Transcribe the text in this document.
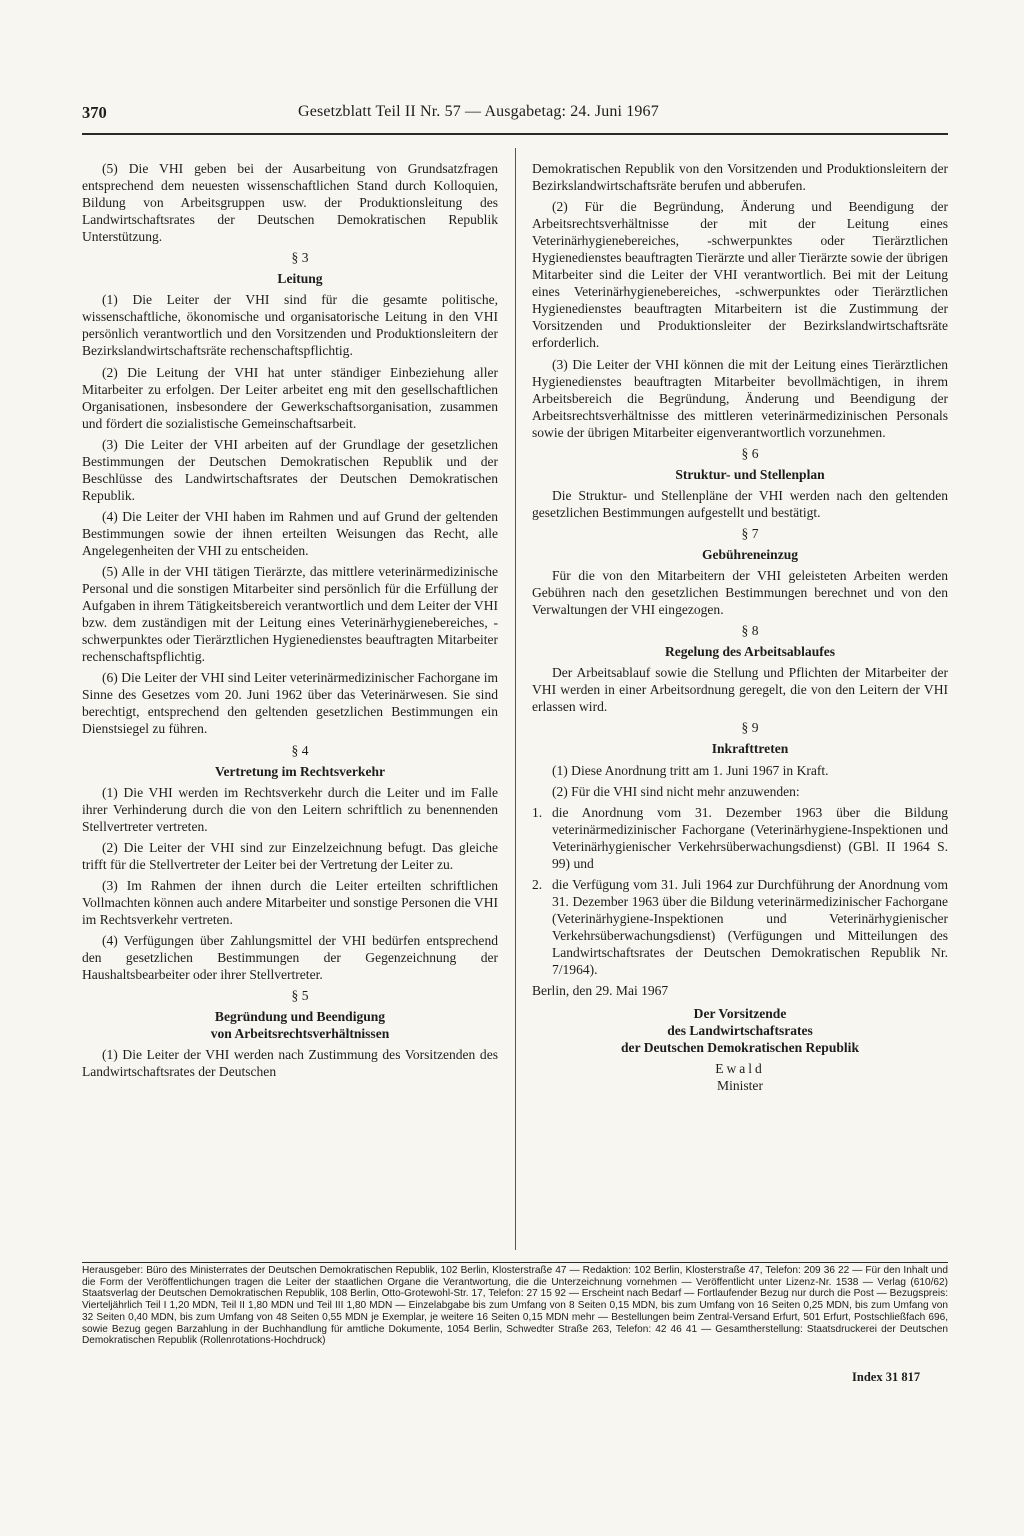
370	Gesetzblatt Teil II Nr. 57 — Ausgabetag: 24. Juni 1967

(5) Die VHI geben bei der Ausarbeitung von Grundsatzfragen entsprechend dem neuesten wissenschaftlichen Stand durch Kolloquien, Bildung von Arbeitsgruppen usw. der Produktionsleitung des Landwirtschaftsrates der Deutschen Demokratischen Republik Unterstützung.

§ 3

Leitung

(1) Die Leiter der VHI sind für die gesamte politische, wissenschaftliche, ökonomische und organisatorische Leitung in den VHI persönlich verantwortlich und den Vorsitzenden und Produktionsleitern der Bezirkslandwirtschaftsräte rechenschaftspflichtig.

(2) Die Leitung der VHI hat unter ständiger Einbeziehung aller Mitarbeiter zu erfolgen. Der Leiter arbeitet eng mit den gesellschaftlichen Organisationen, insbesondere der Gewerkschaftsorganisation, zusammen und fördert die sozialistische Gemeinschaftsarbeit.

(3) Die Leiter der VHI arbeiten auf der Grundlage der gesetzlichen Bestimmungen der Deutschen Demokratischen Republik und der Beschlüsse des Landwirtschaftsrates der Deutschen Demokratischen Republik.

(4) Die Leiter der VHI haben im Rahmen und auf Grund der geltenden Bestimmungen sowie der ihnen erteilten Weisungen das Recht, alle Angelegenheiten der VHI zu entscheiden.

(5) Alle in der VHI tätigen Tierärzte, das mittlere veterinärmedizinische Personal und die sonstigen Mitarbeiter sind persönlich für die Erfüllung der Aufgaben in ihrem Tätigkeitsbereich verantwortlich und dem Leiter der VHI bzw. dem zuständigen mit der Leitung eines Veterinärhygienebereiches, -schwerpunktes oder Tierärztlichen Hygienedienstes beauftragten Mitarbeiter rechenschaftspflichtig.

(6) Die Leiter der VHI sind Leiter veterinärmedizinischer Fachorgane im Sinne des Gesetzes vom 20. Juni 1962 über das Veterinärwesen. Sie sind berechtigt, entsprechend den geltenden gesetzlichen Bestimmungen ein Dienstsiegel zu führen.

§ 4

Vertretung im Rechtsverkehr

(1) Die VHI werden im Rechtsverkehr durch die Leiter und im Falle ihrer Verhinderung durch die von den Leitern schriftlich zu benennenden Stellvertreter vertreten.

(2) Die Leiter der VHI sind zur Einzelzeichnung befugt. Das gleiche trifft für die Stellvertreter der Leiter bei der Vertretung der Leiter zu.

(3) Im Rahmen der ihnen durch die Leiter erteilten schriftlichen Vollmachten können auch andere Mitarbeiter und sonstige Personen die VHI im Rechtsverkehr vertreten.

(4) Verfügungen über Zahlungsmittel der VHI bedürfen entsprechend den gesetzlichen Bestimmungen der Gegenzeichnung der Haushaltsbearbeiter oder ihrer Stellvertreter.

§ 5

Begründung und Beendigung

von Arbeitsrechtsverhältnissen

(1) Die Leiter der VHI werden nach Zustimmung des Vorsitzenden des Landwirtschaftsrates der Deutschen

Demokratischen Republik von den Vorsitzenden und Produktionsleitern der Bezirkslandwirtschaftsräte berufen und abberufen.

(2) Für die Begründung, Änderung und Beendigung der Arbeitsrechtsverhältnisse der mit der Leitung eines Veterinärhygienebereiches, -schwerpunktes oder Tierärztlichen Hygienedienstes beauftragten Tierärzte und aller Tierärzte sowie der übrigen Mitarbeiter sind die Leiter der VHI verantwortlich. Bei mit der Leitung eines Veterinärhygienebereiches, -schwerpunktes oder Tierärztlichen Hygienedienstes beauftragten Mitarbeitern ist die Zustimmung der Vorsitzenden und Produktionsleiter der Bezirkslandwirtschaftsräte erforderlich.

(3) Die Leiter der VHI können die mit der Leitung eines Tierärztlichen Hygienedienstes beauftragten Mitarbeiter bevollmächtigen, in ihrem Arbeitsbereich die Begründung, Änderung und Beendigung der Arbeitsrechtsverhältnisse des mittleren veterinärmedizinischen Personals sowie der übrigen Mitarbeiter eigenverantwortlich vorzunehmen.

§ 6

Struktur- und Stellenplan

Die Struktur- und Stellenpläne der VHI werden nach den geltenden gesetzlichen Bestimmungen aufgestellt und bestätigt.

§ 7

Gebühreneinzug

Für die von den Mitarbeitern der VHI geleisteten Arbeiten werden Gebühren nach den gesetzlichen Bestimmungen berechnet und von den Verwaltungen der VHI eingezogen.

§ 8

Regelung des Arbeitsablaufes

Der Arbeitsablauf sowie die Stellung und Pflichten der Mitarbeiter der VHI werden in einer Arbeitsordnung geregelt, die von den Leitern der VHI erlassen wird.

§ 9

Inkrafttreten

(1) Diese Anordnung tritt am 1. Juni 1967 in Kraft.

(2) Für die VHI sind nicht mehr anzuwenden:

1. die Anordnung vom 31. Dezember 1963 über die Bildung veterinärmedizinischer Fachorgane (Veterinärhygiene-Inspektionen und Veterinärhygienischer Verkehrsüberwachungsdienst) (GBl. II 1964 S. 99) und
2. die Verfügung vom 31. Juli 1964 zur Durchführung der Anordnung vom 31. Dezember 1963 über die Bildung veterinärmedizinischer Fachorgane (Veterinärhygiene-Inspektionen und Veterinärhygienischer Verkehrsüberwachungsdienst) (Verfügungen und Mitteilungen des Landwirtschaftsrates der Deutschen Demokratischen Republik Nr. 7/1964).

Berlin, den 29. Mai 1967

Der Vorsitzende
des Landwirtschaftsrates
der Deutschen Demokratischen Republik
Ewald
Minister
Herausgeber: Büro des Ministerrates der Deutschen Demokratischen Republik, 102 Berlin, Klosterstraße 47 — Redaktion: 102 Berlin, Klosterstraße 47, Telefon: 209 36 22 — Für den Inhalt und die Form der Veröffentlichungen tragen die Leiter der staatlichen Organe die Verantwortung, die die Unterzeichnung vornehmen — Veröffentlicht unter Lizenz-Nr. 1538 — Verlag (610/62) Staatsverlag der Deutschen Demokratischen Republik, 108 Berlin, Otto-Grotewohl-Str. 17, Telefon: 27 15 92 — Erscheint nach Bedarf — Fortlaufender Bezug nur durch die Post — Bezugspreis: Vierteljährlich Teil I 1,20 MDN, Teil II 1,80 MDN und Teil III 1,80 MDN — Einzelabgabe bis zum Umfang von 8 Seiten 0,15 MDN, bis zum Umfang von 16 Seiten 0,25 MDN, bis zum Umfang von 32 Seiten 0,40 MDN, bis zum Umfang von 48 Seiten 0,55 MDN je Exemplar, je weitere 16 Seiten 0,15 MDN mehr — Bestellungen beim Zentral-Versand Erfurt, 501 Erfurt, Postschließfach 696, sowie Bezug gegen Barzahlung in der Buchhandlung für amtliche Dokumente, 1054 Berlin, Schwedter Straße 263, Telefon: 42 46 41 — Gesamtherstellung: Staatsdruckerei der Deutschen Demokratischen Republik (Rollenrotations-Hochdruck)
Index 31 817
